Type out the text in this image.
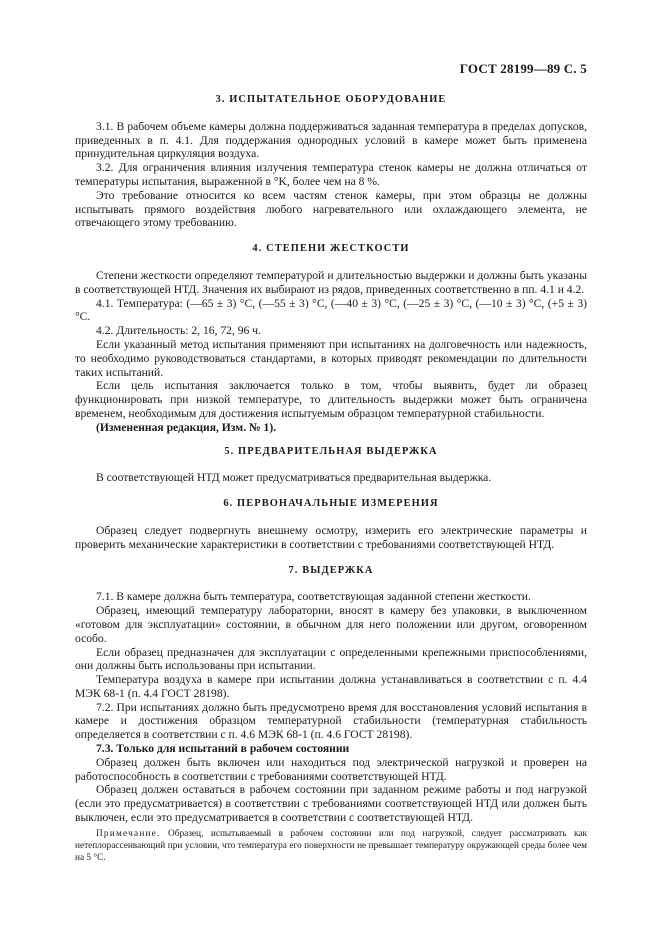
ГОСТ 28199—89 С. 5
3. ИСПЫТАТЕЛЬНОЕ ОБОРУДОВАНИЕ

3.1. В рабочем объеме камеры должна поддерживаться заданная температура в пределах допусков, приведенных в п. 4.1. Для поддержания однородных условий в камере может быть применена принудительная циркуляция воздуха.

3.2. Для ограничения влияния излучения температура стенок камеры не должна отличаться от температуры испытания, выраженной в °K, более чем на 8 %.

Это требование относится ко всем частям стенок камеры, при этом образцы не должны испытывать прямого воздействия любого нагревательного или охлаждающего элемента, не отвечающего этому требованию.

4. СТЕПЕНИ ЖЕСТКОСТИ

Степени жесткости определяют температурой и длительностью выдержки и должны быть указаны в соответствующей НТД. Значения их выбирают из рядов, приведенных соответственно в пп. 4.1 и 4.2.

4.1. Температура: (—65 ± 3) °С, (—55 ± 3) °С, (—40 ± 3) °С, (—25 ± 3) °С, (—10 ± 3) °С, (+5 ± 3) °С.

4.2. Длительность: 2, 16, 72, 96 ч.

Если указанный метод испытания применяют при испытаниях на долговечность или надежность, то необходимо руководствоваться стандартами, в которых приводят рекомендации по длительности таких испытаний.

Если цель испытания заключается только в том, чтобы выявить, будет ли образец функционировать при низкой температуре, то длительность выдержки может быть ограничена временем, необходимым для достижения испытуемым образцом температурной стабильности.

(Измененная редакция, Изм. № 1).

5. ПРЕДВАРИТЕЛЬНАЯ ВЫДЕРЖКА

В соответствующей НТД может предусматриваться предварительная выдержка.

6. ПЕРВОНАЧАЛЬНЫЕ ИЗМЕРЕНИЯ

Образец следует подвергнуть внешнему осмотру, измерить его электрические параметры и проверить механические характеристики в соответствии с требованиями соответствующей НТД.

7. ВЫДЕРЖКА

7.1. В камере должна быть температура, соответствующая заданной степени жесткости.

Образец, имеющий температуру лаборатории, вносят в камеру без упаковки, в выключенном «готовом для эксплуатации» состоянии, в обычном для него положении или другом, оговоренном особо.

Если образец предназначен для эксплуатации с определенными крепежными приспособлениями, они должны быть использованы при испытании.

Температура воздуха в камере при испытании должна устанавливаться в соответствии с п. 4.4 МЭК 68-1 (п. 4.4 ГОСТ 28198).

7.2. При испытаниях должно быть предусмотрено время для восстановления условий испытания в камере и достижения образцом температурной стабильности (температурная стабильность определяется в соответствии с п. 4.6 МЭК 68-1 (п. 4.6 ГОСТ 28198).

7.3. Только для испытаний в рабочем состоянии

Образец должен быть включен или находиться под электрической нагрузкой и проверен на работоспособность в соответствии с требованиями соответствующей НТД.

Образец должен оставаться в рабочем состоянии при заданном режиме работы и под нагрузкой (если это предусматривается) в соответствии с требованиями соответствующей НТД или должен быть выключен, если это предусматривается в соответствии с соответствующей НТД.

Примечание. Образец, испытываемый в рабочем состоянии или под нагрузкой, следует рассматривать как нетеплорассеивающий при условии, что температура его поверхности не превышает температуру окружающей среды более чем на 5 °С.
